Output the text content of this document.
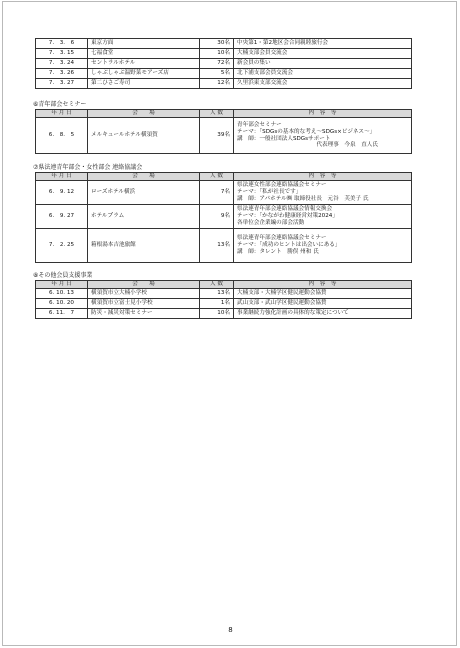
7.　3.　6	東京方面	30名	中央第1・第2地区会合同親睦旅行会
7.　3. 15	七福食堂	10名	大楠支部会員交流会
7.　3. 24	セントラルホテル	72名	新会員の集い
7.　3. 26	しゃぶしゃぶ温野菜モアーズ店	5名	北下浦支部会員交流会
7.　3. 27	第二ひさご寿司	12名	久里浜東支部交流会
⑥青年部会セミナー
年 月 日	会　　場	人 数	内　容　等
6.　8.　5	メルキュールホテル横須賀	39名	青年部会セミナー
テーマ：「SDGsの基本的な考え～SDGs×ビジネス～」
講　師：一般社団法人SDGsサポート
代表理事　今泉　直人氏
⑦県法連青年部会・女性部会 連絡協議会
年 月 日	会　　場	人 数	内　容　等
6.　9. 12	ローズホテル横浜	7名	県法連女性部会連絡協議会セミナー
テーマ：「私が社長です」
講　師：アパホテル㈱ 取締役社長　元谷　芙美子 氏

6.　9. 27	ホテルプラム	9名	県法連青年部会連絡協議会情報交換会
テーマ：「かながわ健康経営対策2024」
各単位会企業編の部会活動

7.　2. 25	箱根湯本吉池旅館	13名	県法連青年部会連絡協議会セミナー
テーマ：「成功のヒントは出会いにある」
講　師：タレント　勝俣 州和 氏
⑧その他会員支援事業
年 月 日	会　　場	人 数	内　容　等
6. 10. 13	横須賀市立大楠小学校	13名	大楠支部・大楠学区健民運動会協賛
6. 10. 20	横須賀市立富士見小学校	1名	武山支部・武山学区健民運動会協賛
6. 11.　7	防災・減災対策セミナー	10名	事業継続力強化計画の具体的な策定について
8
